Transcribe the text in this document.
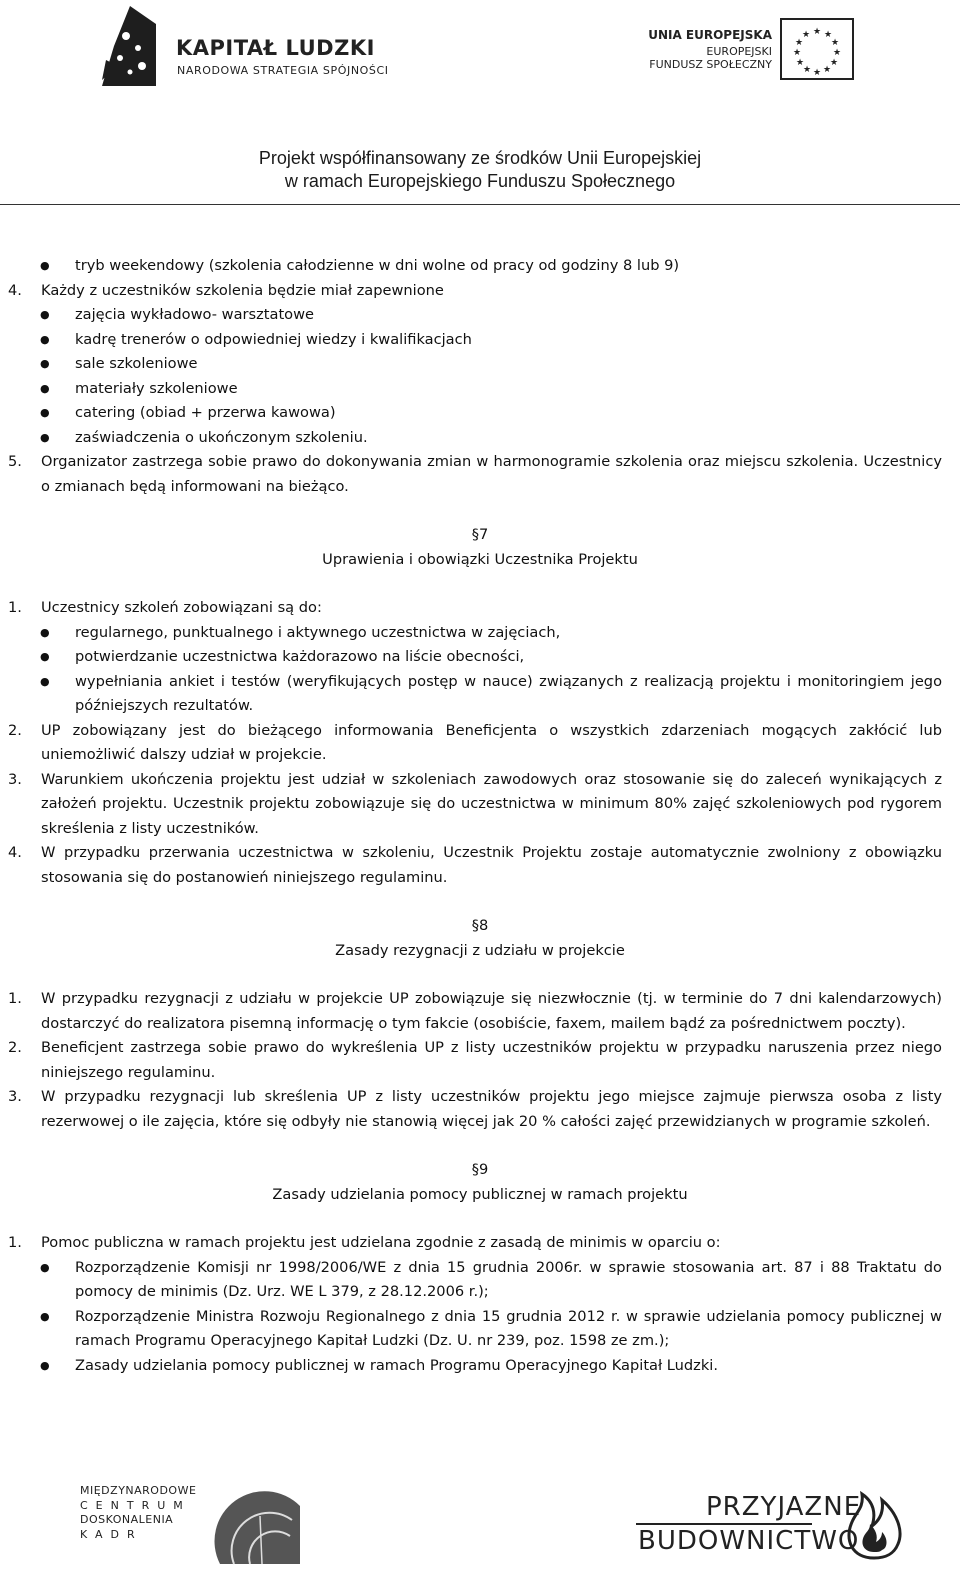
KAPITAŁ LUDZKI
NARODOWA STRATEGIA SPÓJNOŚCI
UNIA EUROPEJSKA
EUROPEJSKI
FUNDUSZ SPOŁECZNY
★ ★
★
★
★
★
★
★
★
★
★
★
Projekt współfinansowany ze środków Unii Europejskiej
w ramach Europejskiego Funduszu Społecznego
● tryb weekendowy (szkolenia całodzienne w dni wolne od pracy od godziny 8 lub 9)
4. Każdy z uczestników szkolenia będzie miał zapewnione
● zajęcia wykładowo- warsztatowe
● kadrę trenerów o odpowiedniej wiedzy i kwalifikacjach
● sale szkoleniowe
● materiały szkoleniowe
● catering (obiad + przerwa kawowa)
● zaświadczenia o ukończonym szkoleniu.
5. Organizator zastrzega sobie prawo do dokonywania zmian w harmonogramie szkolenia oraz miejscu szkolenia. Uczestnicy o zmianach będą informowani na bieżąco.
§7
Uprawienia i obowiązki Uczestnika Projektu
1. Uczestnicy szkoleń zobowiązani są do:
● regularnego, punktualnego i aktywnego uczestnictwa w zajęciach,
● potwierdzanie uczestnictwa każdorazowo na liście obecności,
● wypełniania ankiet i testów (weryfikujących postęp w nauce) związanych z realizacją projektu i monitoringiem jego późniejszych rezultatów.
2. UP zobowiązany jest do bieżącego informowania Beneficjenta o wszystkich zdarzeniach mogących zakłócić lub uniemożliwić dalszy udział w projekcie.
3. Warunkiem ukończenia projektu jest udział w szkoleniach zawodowych oraz stosowanie się do zaleceń wynikających z założeń projektu. Uczestnik projektu zobowiązuje się do uczestnictwa w minimum 80% zajęć szkoleniowych pod rygorem skreślenia z listy uczestników.
4. W przypadku przerwania uczestnictwa w szkoleniu, Uczestnik Projektu zostaje automatycznie zwolniony z obowiązku stosowania się do postanowień niniejszego regulaminu.
§8
Zasady rezygnacji z udziału w projekcie
1. W przypadku rezygnacji z udziału w projekcie UP zobowiązuje się niezwłocznie (tj. w terminie do 7 dni kalendarzowych) dostarczyć do realizatora pisemną informację o tym fakcie (osobiście, faxem, mailem bądź za pośrednictwem poczty).
2. Beneficjent zastrzega sobie prawo do wykreślenia UP z listy uczestników projektu w przypadku naruszenia przez niego niniejszego regulaminu.
3. W przypadku rezygnacji lub skreślenia UP z listy uczestników projektu jego miejsce zajmuje pierwsza osoba z listy rezerwowej o ile zajęcia, które się odbyły nie stanowią więcej jak 20 % całości zajęć przewidzianych w programie szkoleń.
§9
Zasady udzielania pomocy publicznej w ramach projektu
1. Pomoc publiczna w ramach projektu jest udzielana zgodnie z zasadą de minimis w oparciu o:
● Rozporządzenie Komisji nr 1998/2006/WE z dnia 15 grudnia 2006r. w sprawie stosowania art. 87 i 88 Traktatu do pomocy de minimis (Dz. Urz. WE L 379, z 28.12.2006 r.);
● Rozporządzenie Ministra Rozwoju Regionalnego z dnia 15 grudnia 2012 r. w sprawie udzielania pomocy publicznej w ramach Programu Operacyjnego Kapitał Ludzki (Dz. U. nr 239, poz. 1598 ze zm.);
● Zasady udzielania pomocy publicznej w ramach Programu Operacyjnego Kapitał Ludzki.
MIĘDZYNARODOWE
CENTRUM
DOSKONALENIA
KADR
PRZYJAZNE
BUDOWNICTWO
